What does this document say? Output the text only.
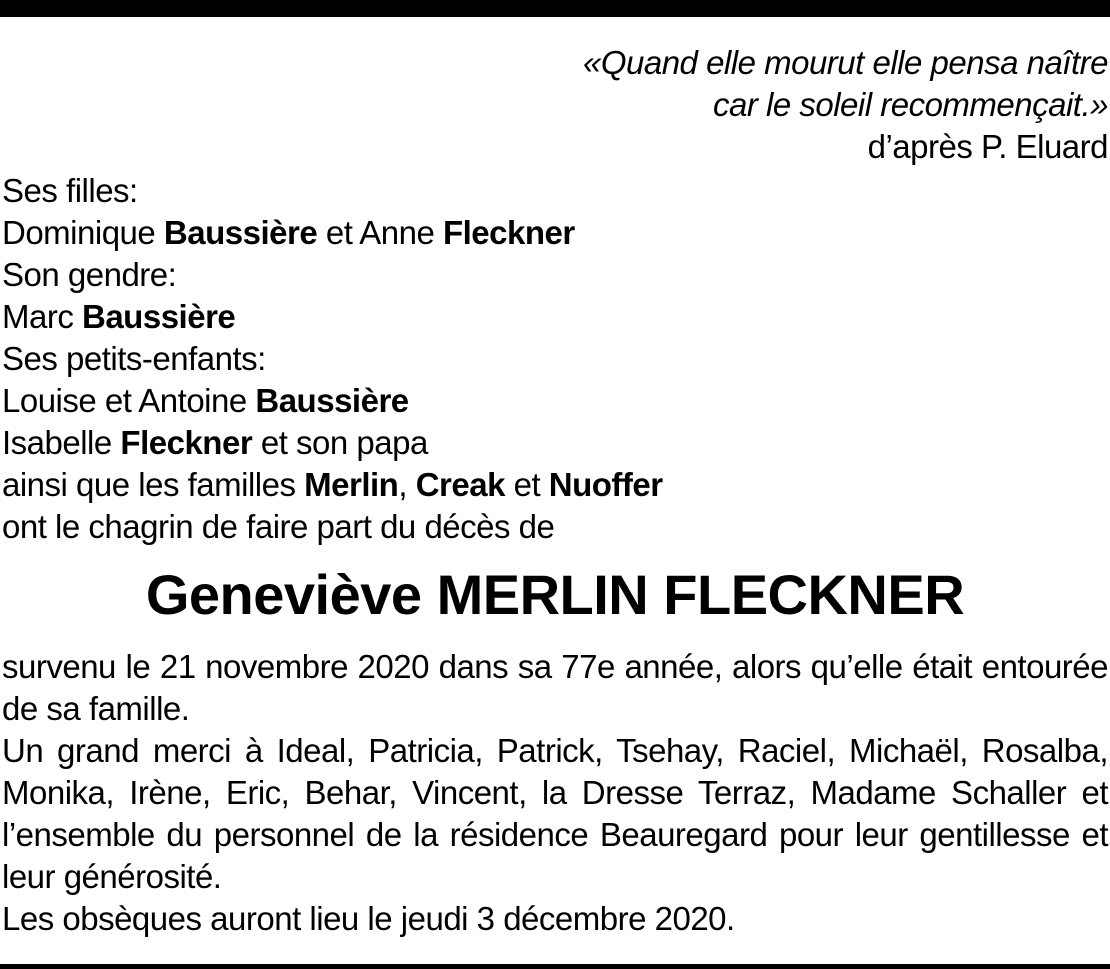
«Quand elle mourut elle pensa naître
car le soleil recommençait.»
d’après P. Eluard
Ses filles:
Dominique Baussière et Anne Fleckner
Son gendre:
Marc Baussière
Ses petits-enfants:
Louise et Antoine Baussière
Isabelle Fleckner et son papa
ainsi que les familles Merlin, Creak et Nuoffer
ont le chagrin de faire part du décès de
Geneviève MERLIN FLECKNER

survenu le 21 novembre 2020 dans sa 77e année, alors qu’elle était entourée de sa famille.

Un grand merci à Ideal, Patricia, Patrick, Tsehay, Raciel, Michaël, Rosalba, Monika, Irène, Eric, Behar, Vincent, la Dresse Terraz, Madame Schaller et l’ensemble du personnel de la résidence Beauregard pour leur gentillesse et leur générosité.

Les obsèques auront lieu le jeudi 3 décembre 2020.
